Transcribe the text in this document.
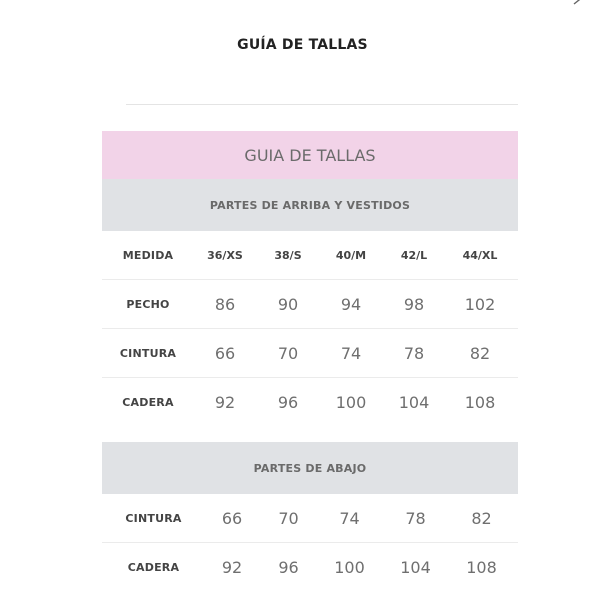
GUÍA DE TALLAS
GUIA DE TALLAS
PARTES DE ARRIBA Y VESTIDOS
MEDIDA	36/XS	38/S	40/M	42/L	44/XL
PECHO	86	90	94	98	102
CINTURA	66	70	74	78	82
CADERA	92	96	100	104	108
PARTES DE ABAJO
CINTURA	66	70	74	78	82
CADERA	92	96	100	104	108
